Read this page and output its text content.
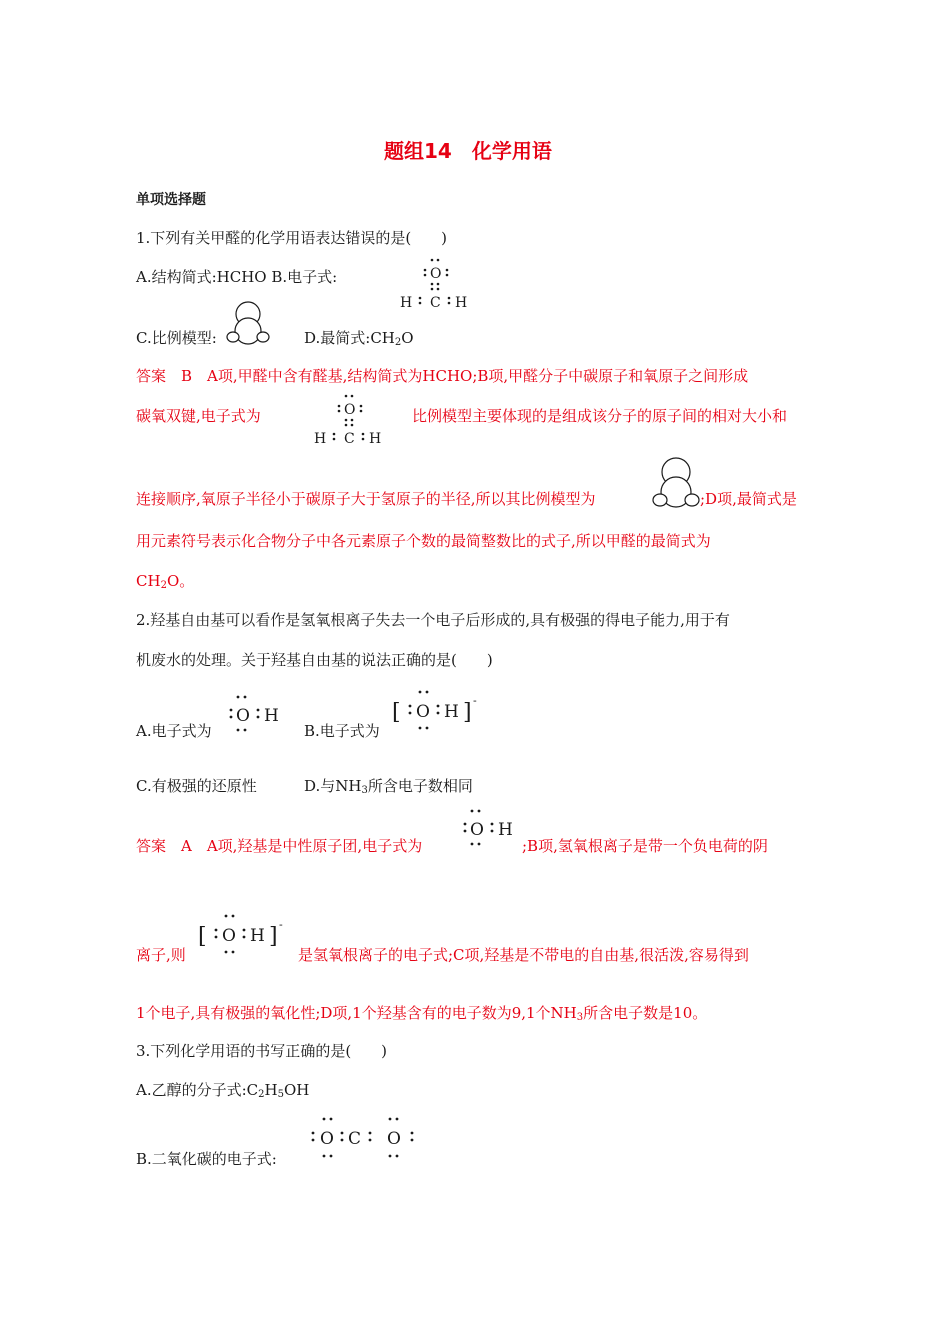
题组14　化学用语
单项选择题
1.下列有关甲醛的化学用语表达错误的是(　　)
A.结构简式:HCHO B.电子式:	O
H C H
C.比例模型:	D.最简式$:CH_2O$
答案　B　A项,甲醛中含有醛基,结构简式为HCHO;B项,甲醛分子中碳原子和氧原子之间形成
碳氧双键,电子式为	O
H C H
比例模型主要体现的是组成该分子的原子间的相对大小和
连接顺序,氧原子半径小于碳原子大于氢原子的半径,所以其比例模型为	;D项,最简式是
用元素符号表示化合物分子中各元素原子个数的最简整数比的式子,所以甲醛的最简式为
$CH_2O$。
2.羟基自由基可以看作是氢氧根离子失去一个电子后形成的,具有极强的得电子能力,用于有
机废水的处理。关于羟基自由基的说法正确的是(　　)
A.电子式为
O H
B.电子式为
[ O H ] -
C.有极强的还原性	D.与$NH_3$所含电子数相同
答案　A　A项,羟基是中性原子团,电子式为
O H
;B项,氢氧根离子是带一个负电荷的阴
离子,则
[ O H ] -
是氢氧根离子的电子式;C项,羟基是不带电的自由基,很活泼,容易得到
1个电子,具有极强的氧化性;D项,1个羟基含有的电子数为9,1个$NH_3$所含电子数是10。
3.下列化学用语的书写正确的是(　　)
A.乙醇的分子式$:C_2H_5OH$
B.二氧化碳的电子式:
O C O
